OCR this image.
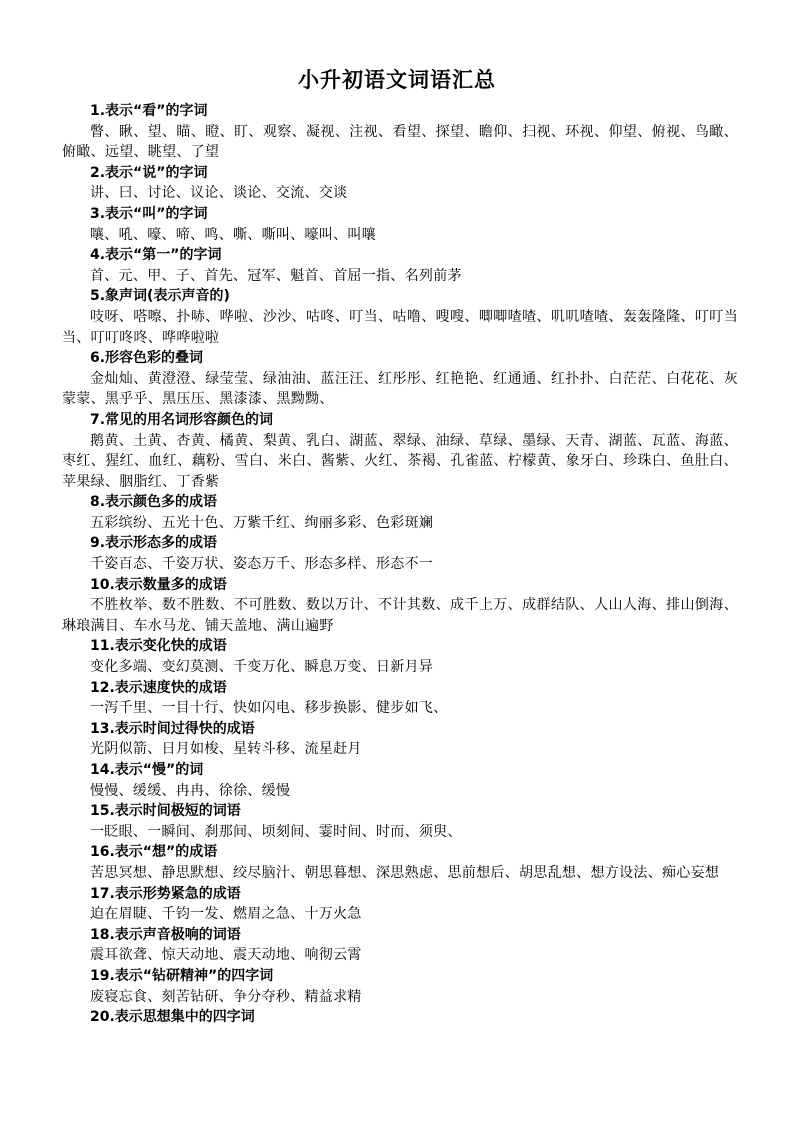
小升初语文词语汇总
1.表示“看”的字词
瞥、瞅、望、瞄、瞪、盯、观察、凝视、注视、看望、探望、瞻仰、扫视、环视、仰望、俯视、鸟瞰、俯瞰、远望、眺望、了望
2.表示“说”的字词
讲、曰、讨论、议论、谈论、交流、交谈
3.表示“叫”的字词
嚷、吼、嚎、啼、鸣、嘶、嘶叫、嚎叫、叫嚷
4.表示“第一”的字词
首、元、甲、子、首先、冠军、魁首、首屈一指、名列前茅
5.象声词(表示声音的)
吱呀、嗒嚓、扑哧、哗啦、沙沙、咕咚、叮当、咕噜、嗖嗖、唧唧喳喳、叽叽喳喳、轰轰隆隆、叮叮当当、叮叮咚咚、哗哗啦啦
6.形容色彩的叠词
金灿灿、黄澄澄、绿莹莹、绿油油、蓝汪汪、红彤彤、红艳艳、红通通、红扑扑、白茫茫、白花花、灰蒙蒙、黑乎乎、黑压压、黑漆漆、黑黝黝、
7.常见的用名词形容颜色的词
鹅黄、土黄、杏黄、橘黄、梨黄、乳白、湖蓝、翠绿、油绿、草绿、墨绿、天青、湖蓝、瓦蓝、海蓝、枣红、猩红、血红、藕粉、雪白、米白、酱紫、火红、茶褐、孔雀蓝、柠檬黄、象牙白、珍珠白、鱼肚白、苹果绿、胭脂红、丁香紫
8.表示颜色多的成语
五彩缤纷、五光十色、万紫千红、绚丽多彩、色彩斑斓
9.表示形态多的成语
千姿百态、千姿万状、姿态万千、形态多样、形态不一
10.表示数量多的成语
不胜枚举、数不胜数、不可胜数、数以万计、不计其数、成千上万、成群结队、人山人海、排山倒海、琳琅满目、车水马龙、铺天盖地、满山遍野
11.表示变化快的成语
变化多端、变幻莫测、千变万化、瞬息万变、日新月异
12.表示速度快的成语
一泻千里、一目十行、快如闪电、移步换影、健步如飞、
13.表示时间过得快的成语
光阴似箭、日月如梭、星转斗移、流星赶月
14.表示“慢”的词
慢慢、缓缓、冉冉、徐徐、缓慢
15.表示时间极短的词语
一眨眼、一瞬间、刹那间、顷刻间、霎时间、时而、须臾、
16.表示“想”的成语
苦思冥想、静思默想、绞尽脑汁、朝思暮想、深思熟虑、思前想后、胡思乱想、想方设法、痴心妄想
17.表示形势紧急的成语
迫在眉睫、千钧一发、燃眉之急、十万火急
18.表示声音极响的词语
震耳欲聋、惊天动地、震天动地、响彻云霄
19.表示“钻研精神”的四字词
废寝忘食、刻苦钻研、争分夺秒、精益求精
20.表示思想集中的四字词
